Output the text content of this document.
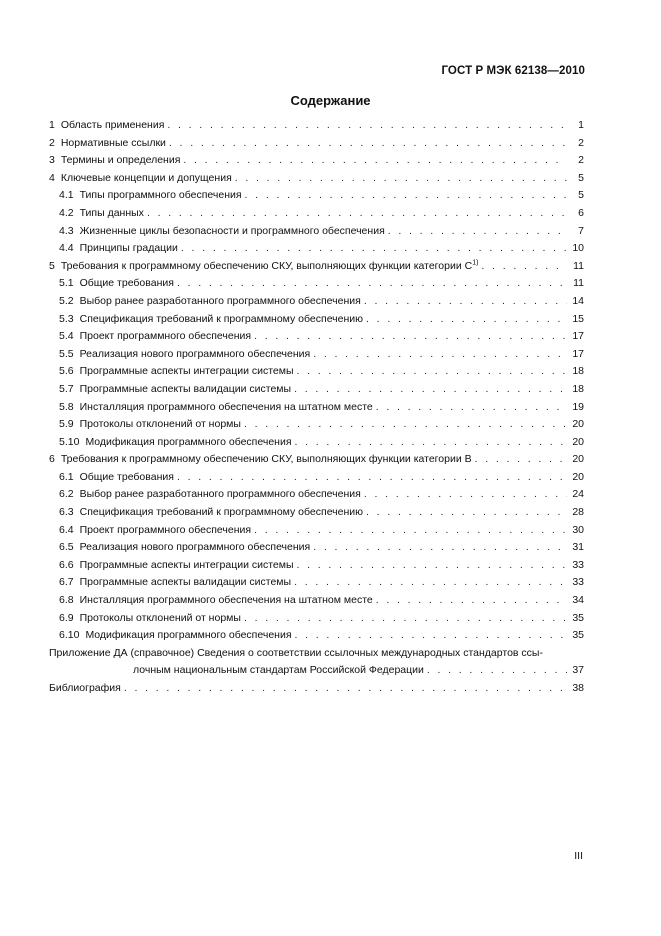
ГОСТ Р МЭК 62138—2010
Содержание
1 Область применения . . .	1
2 Нормативные ссылки . . .	2
3 Термины и определения . . .	2
4 Ключевые концепции и допущения . . .	5
4.1 Типы программного обеспечения . . .	5
4.2 Типы данных . . .	6
4.3 Жизненные циклы безопасности и программного обеспечения . . .	7
4.4 Принципы градации . . .	10
5 Требования к программному обеспечению СКУ, выполняющих функции категории $С^{1)}$ . . .	11
5.1 Общие требования . . .	11
5.2 Выбор ранее разработанного программного обеспечения . . .	14
5.3 Спецификация требований к программному обеспечению . . .	15
5.4 Проект программного обеспечения . . .	17
5.5 Реализация нового программного обеспечения . . .	17
5.6 Программные аспекты интеграции системы . . .	18
5.7 Программные аспекты валидации системы . . .	18
5.8 Инсталляция программного обеспечения на штатном месте . . .	19
5.9 Протоколы отклонений от нормы . . .	20
5.10 Модификация программного обеспечения . . .	20
6 Требования к программному обеспечению СКУ, выполняющих функции категории В . . .	20
6.1 Общие требования . . .	20
6.2 Выбор ранее разработанного программного обеспечения . . .	24
6.3 Спецификация требований к программному обеспечению . . .	28
6.4 Проект программного обеспечения . . .	30
6.5 Реализация нового программного обеспечения . . .	31
6.6 Программные аспекты интеграции системы . . .	33
6.7 Программные аспекты валидации системы . . .	33
6.8 Инсталляция программного обеспечения на штатном месте . . .	34
6.9 Протоколы отклонений от нормы . . .	35
6.10 Модификация программного обеспечения . . .	35
Приложение ДА (справочное) Сведения о соответствии ссылочных международных стандартов ссы-
лочным национальным стандартам Российской Федерации . . .	37
Библиография . . .	38
III
